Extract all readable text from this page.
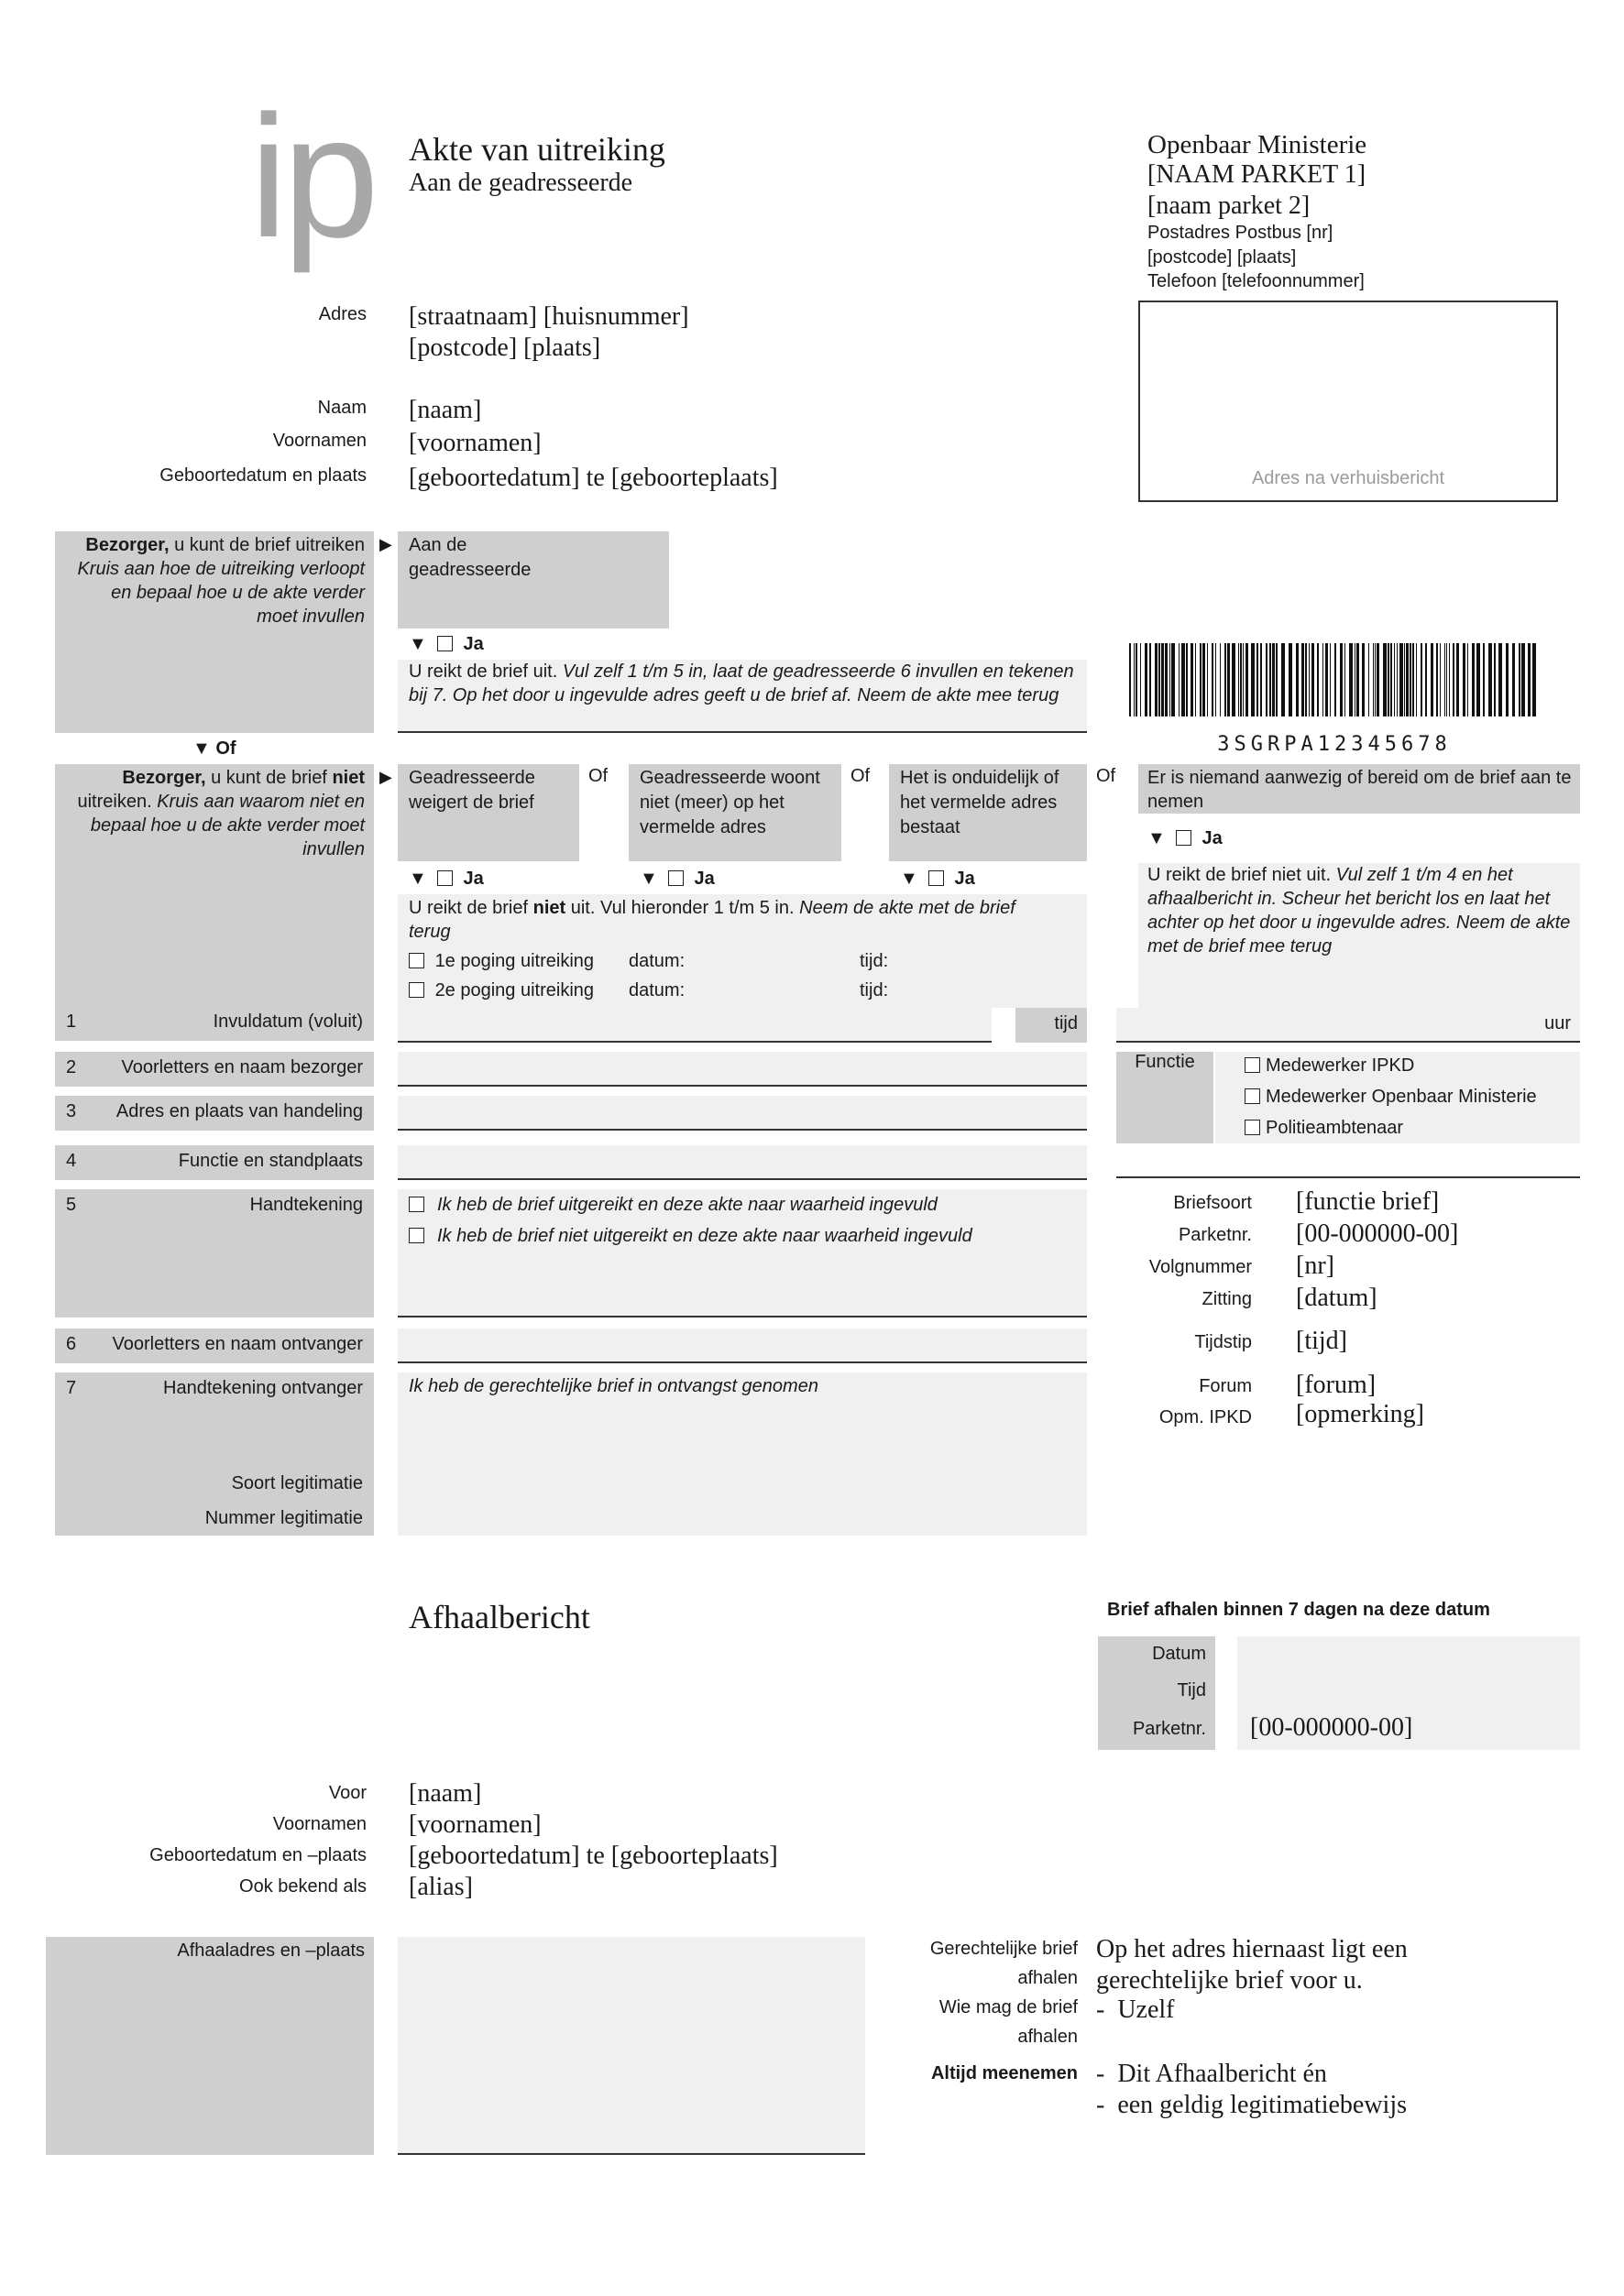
ip Akte van uitreiking
Aan de geadresseerde
Openbaar Ministerie
[NAAM PARKET 1]
[naam parket 2]
Postadres Postbus [nr]
[postcode] [plaats]
Telefoon [telefoonnummer]
Adres na verhuisbericht
Adres [straatnaam] [huisnummer]
[postcode] [plaats]
Naam [naam]
Voornamen [voornamen]
Geboortedatum en plaats [geboortedatum] te [geboorteplaats]
Bezorger, u kunt de brief uitreiken
Kruis aan hoe de uitreiking verloopt en bepaal hoe u de akte verder moet invullen
▶ Aan de geadresseerde
▼ Ja
U reikt de brief uit. Vul zelf 1 t/m 5 in, laat de geadresseerde 6 invullen en tekenen bij 7. Op het door u ingevulde adres geeft u de brief af. Neem de akte mee terug
▼ Of	3SGRPA12345678
Bezorger, u kunt de brief niet uitreiken. Kruis aan waarom niet en bepaal hoe u de akte verder moet invullen
▶ Geadresseerde weigert de brief
Of Geadresseerde woont niet (meer) op het vermelde adres
Of Het is onduidelijk of het vermelde adres bestaat
Of Er is niemand aanwezig of bereid om de brief aan te nemen
▼ Ja	▼ Ja	▼ Ja
▼ Ja
U reikt de brief niet uit. Vul hieronder 1 t/m 5 in. Neem de akte met de brief terug
1e poging uitreiking datum:	tijd:
2e poging uitreiking datum:	tijd:
U reikt de brief niet uit. Vul zelf 1 t/m 4 en het afhaalbericht in. Scheur het bericht los en laat het achter op het door u ingevulde adres. Neem de akte met de brief mee terug
1	Invuldatum (voluit)	tijd	uur
2 Voorletters en naam bezorger
3 Adres en plaats van handeling
Functie	Medewerker IPKD
Medewerker Openbaar Ministerie
Politieambtenaar
4	Functie en standplaats
5	Handtekening	Ik heb de brief uitgereikt en deze akte naar waarheid ingevuld
Ik heb de brief niet uitgereikt en deze akte naar waarheid ingevuld
6 Voorletters en naam ontvanger
7	Handtekening ontvanger
Soort legitimatie
Nummer legitimatie
Ik heb de gerechtelijke brief in ontvangst genomen
Briefsoort [functie brief]
Parketnr. [00-000000-00]
Volgnummer [nr]
Zitting [datum]
Tijdstip [tijd]
Forum [forum]
Opm. IPKD [opmerking]
Afhaalbericht	Brief afhalen binnen 7 dagen na deze datum
Datum
Tijd
Parketnr. [00-000000-00]
Voor [naam]
Voornamen [voornamen]
Geboortedatum en –plaats [geboortedatum] te [geboorteplaats]
Ook bekend als [alias]
Afhaaladres en –plaats	Gerechtelijke brief
afhalen
Op het adres hiernaast ligt een
gerechtelijke brief voor u.
Wie mag de brief
afhalen
-  Uzelf
Altijd meenemen -  Dit Afhaalbericht én
-  een geldig legitimatiebewijs
